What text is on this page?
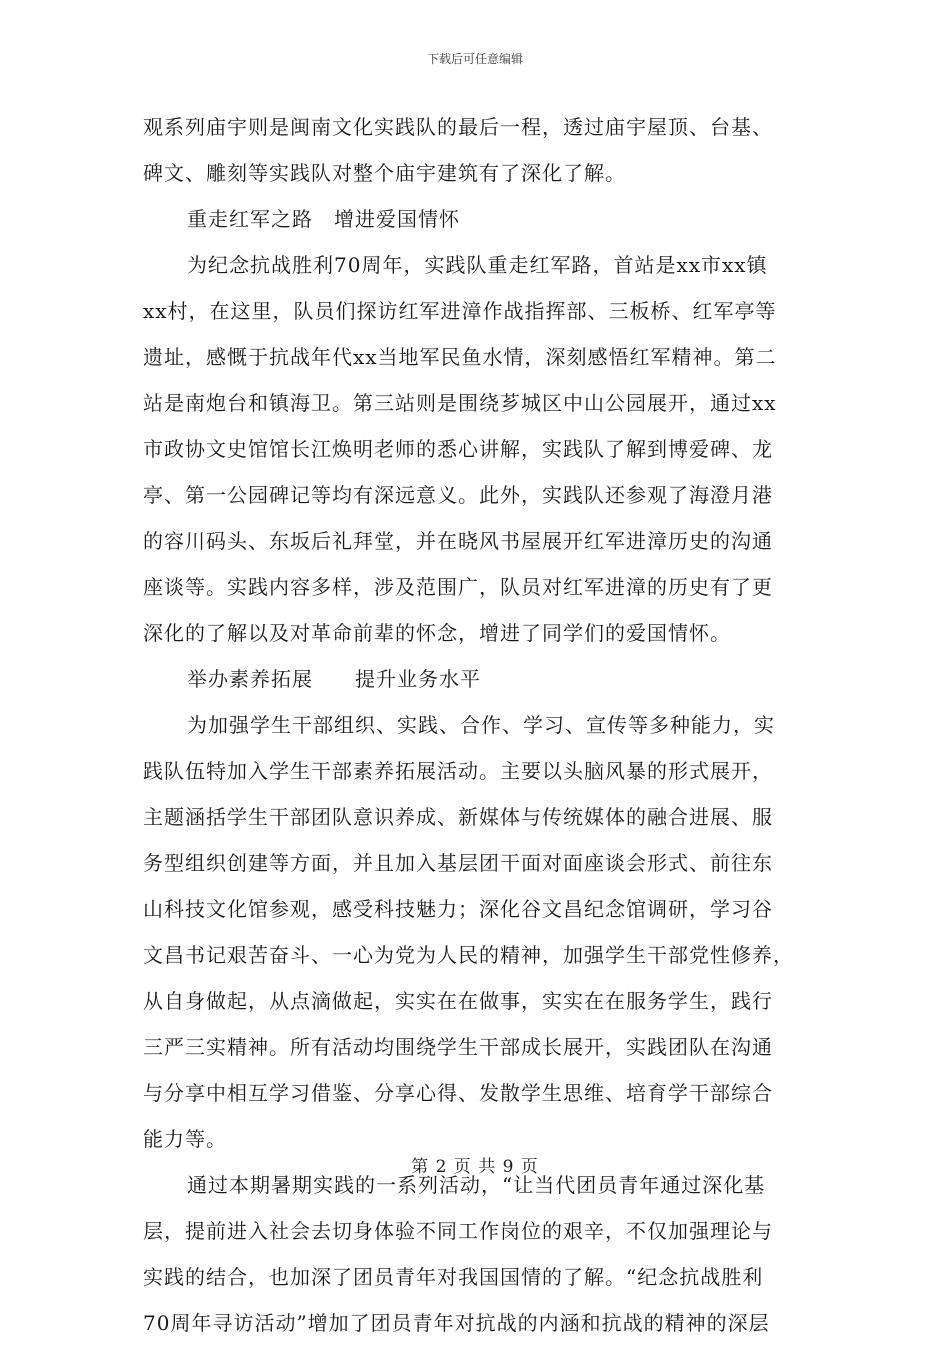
下载后可任意编辑
观系列庙宇则是闽南文化实践队的最后一程，透过庙宇屋顶、台基、
碑文、雕刻等实践队对整个庙宇建筑有了深化了解。
重走红军之路　增进爱国情怀
为纪念抗战胜利70周年，实践队重走红军路，首站是xx市xx镇
xx村，在这里，队员们探访红军进漳作战指挥部、三板桥、红军亭等
遗址，感慨于抗战年代xx当地军民鱼水情，深刻感悟红军精神。第二
站是南炮台和镇海卫。第三站则是围绕芗城区中山公园展开，通过xx
市政协文史馆馆长江焕明老师的悉心讲解，实践队了解到博爱碑、龙
亭、第一公园碑记等均有深远意义。此外，实践队还参观了海澄月港
的容川码头、东坂后礼拜堂，并在晓风书屋展开红军进漳历史的沟通
座谈等。实践内容多样，涉及范围广，队员对红军进漳的历史有了更
深化的了解以及对革命前辈的怀念，增进了同学们的爱国情怀。
举办素养拓展　　提升业务水平
为加强学生干部组织、实践、合作、学习、宣传等多种能力，实
践队伍特加入学生干部素养拓展活动。主要以头脑风暴的形式展开，
主题涵括学生干部团队意识养成、新媒体与传统媒体的融合进展、服
务型组织创建等方面，并且加入基层团干面对面座谈会形式、前往东
山科技文化馆参观，感受科技魅力；深化谷文昌纪念馆调研，学习谷
文昌书记艰苦奋斗、一心为党为人民的精神，加强学生干部党性修养，
从自身做起，从点滴做起，实实在在做事，实实在在服务学生，践行
三严三实精神。所有活动均围绕学生干部成长展开，实践团队在沟通
与分享中相互学习借鉴、分享心得、发散学生思维、培育学干部综合
能力等。
通过本期暑期实践的一系列活动，“让当代团员青年通过深化基
层，提前进入社会去切身体验不同工作岗位的艰辛，不仅加强理论与
实践的结合，也加深了团员青年对我国国情的了解。“纪念抗战胜利
70周年寻访活动”增加了团员青年对抗战的内涵和抗战的精神的深层
第 2 页 共 9 页
